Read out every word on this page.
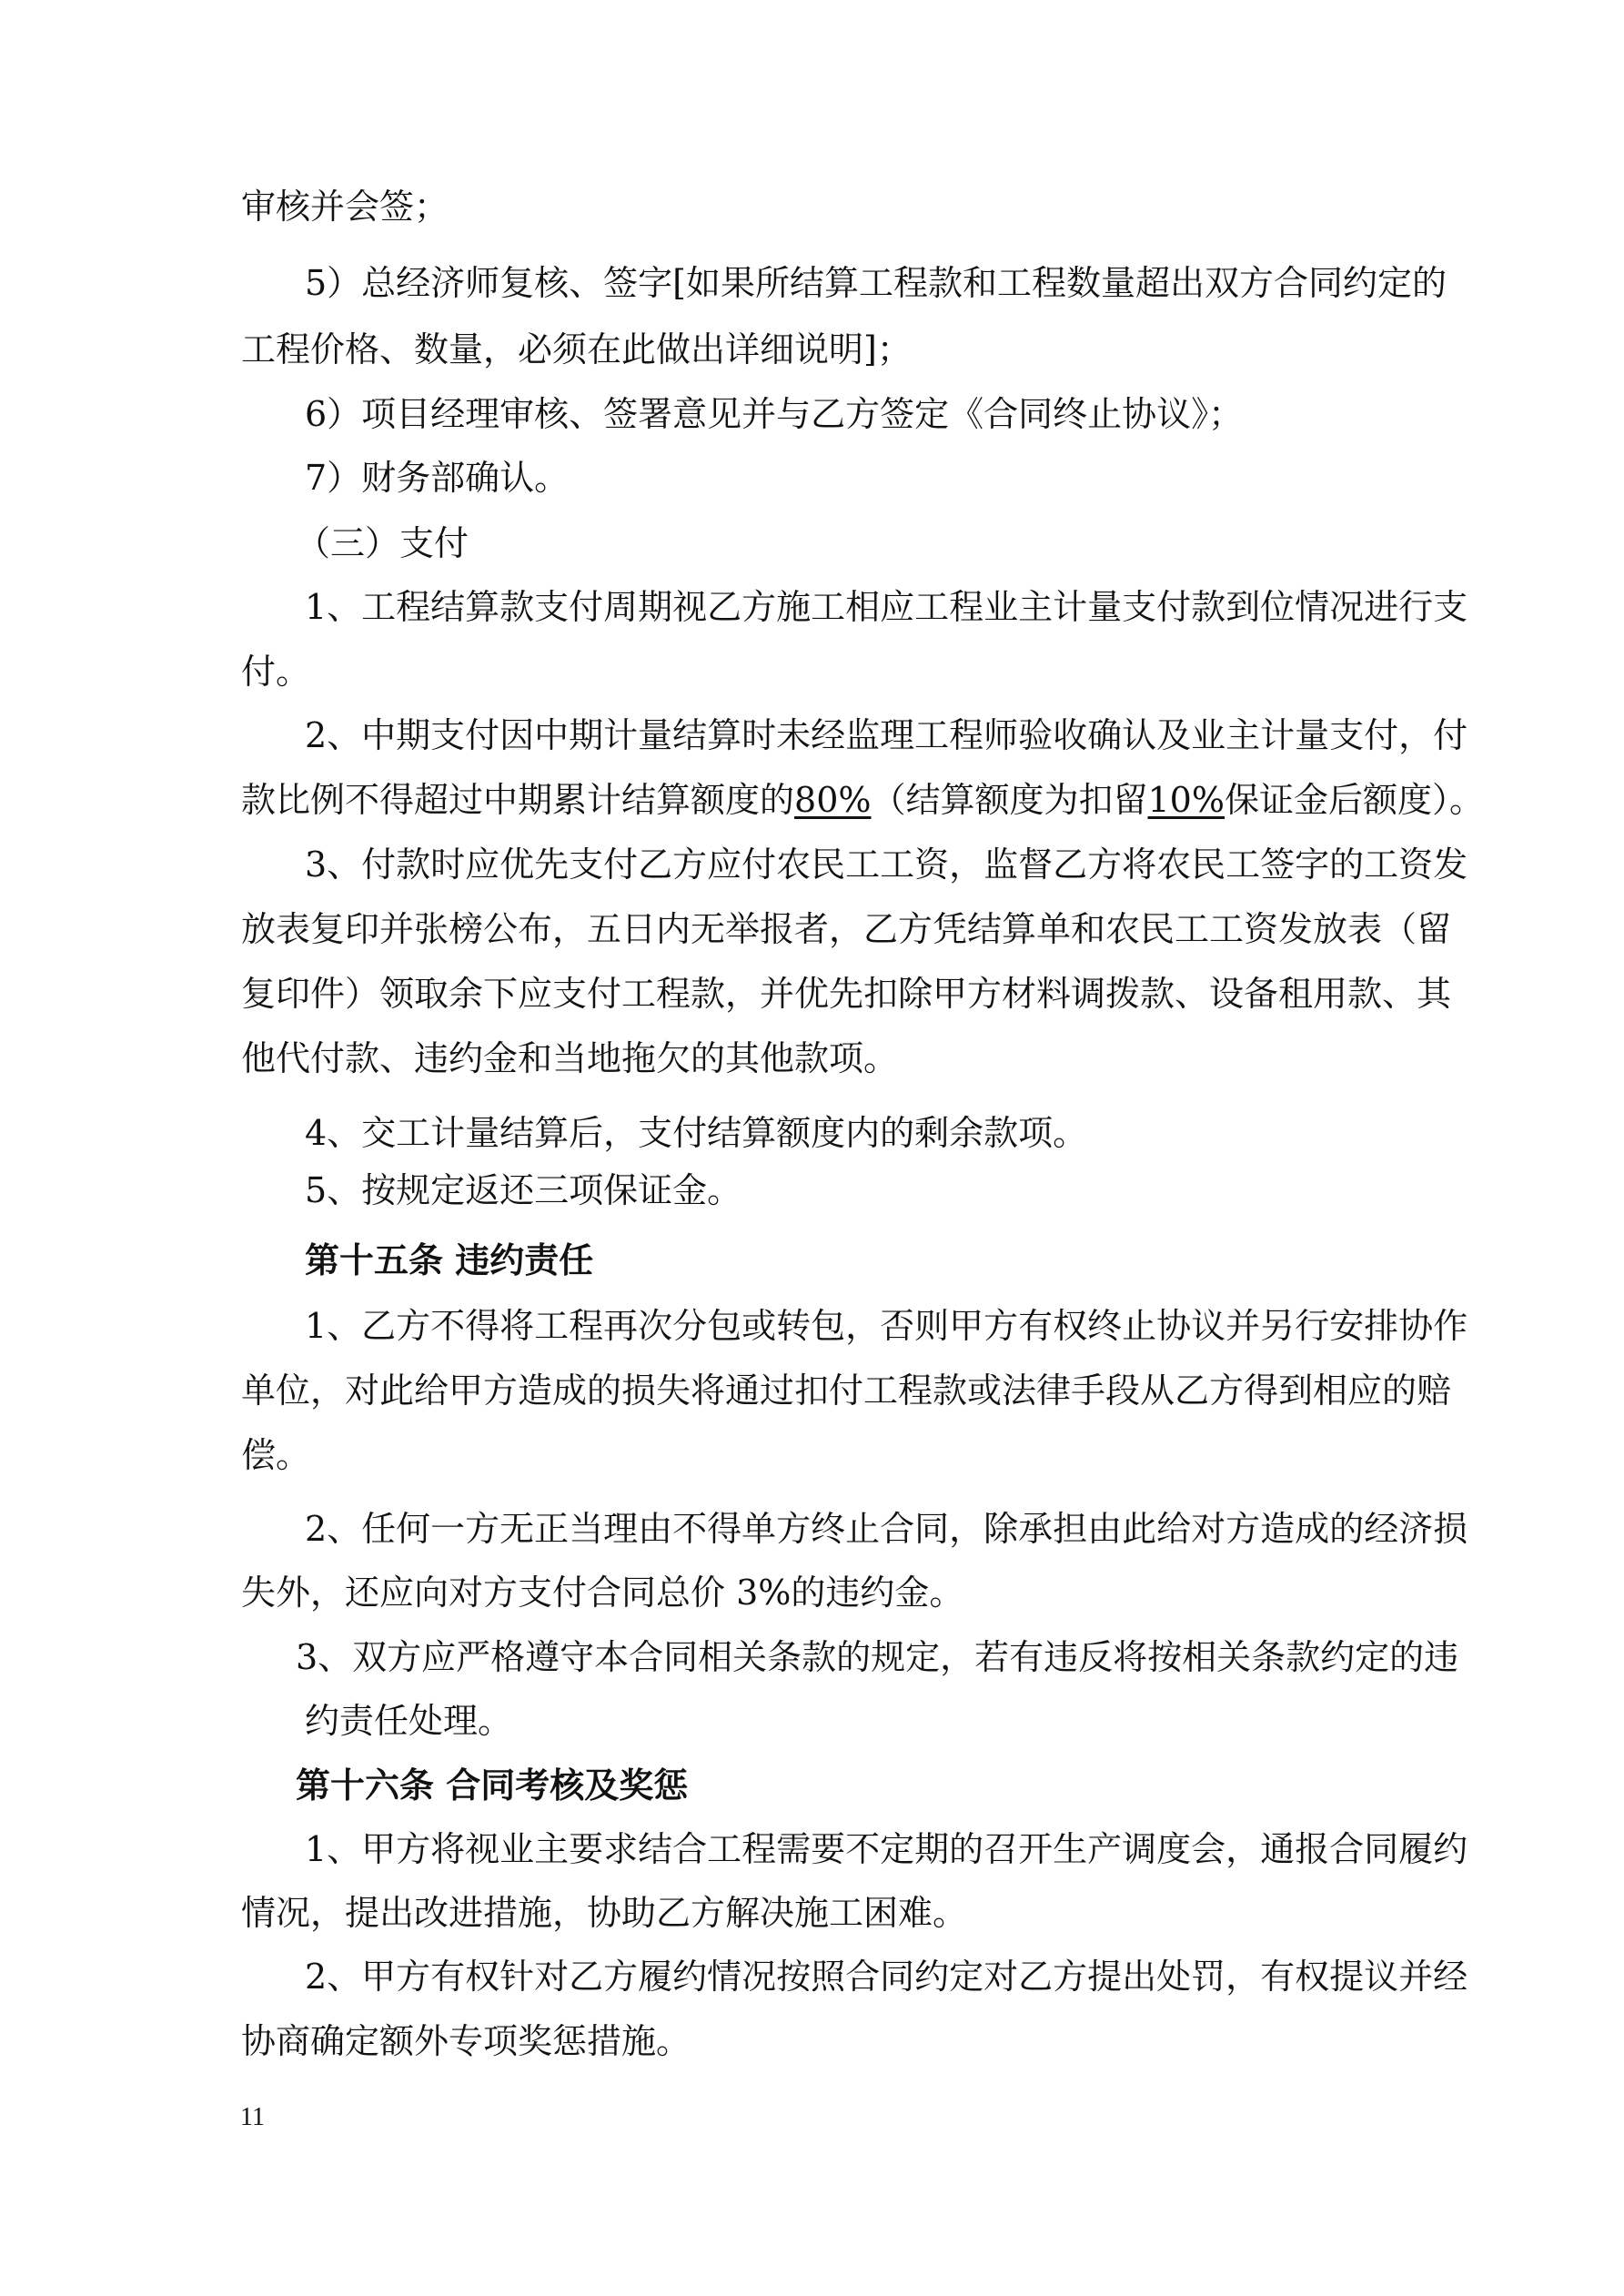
审核并会签；

5）总经济师复核、签字[如果所结算工程款和工程数量超出双方合同约定的

工程价格、数量，必须在此做出详细说明]；

6）项目经理审核、签署意见并与乙方签定《合同终止协议》；

7）财务部确认。

（三）支付

1、工程结算款支付周期视乙方施工相应工程业主计量支付款到位情况进行支

付。

2、中期支付因中期计量结算时未经监理工程师验收确认及业主计量支付，付

款比例不得超过中期累计结算额度的80%（结算额度为扣留10%保证金后额度）。

3、付款时应优先支付乙方应付农民工工资，监督乙方将农民工签字的工资发

放表复印并张榜公布，五日内无举报者，乙方凭结算单和农民工工资发放表（留

复印件）领取余下应支付工程款，并优先扣除甲方材料调拨款、设备租用款、其

他代付款、违约金和当地拖欠的其他款项。

4、交工计量结算后，支付结算额度内的剩余款项。

5、按规定返还三项保证金。

第十五条 违约责任

1、乙方不得将工程再次分包或转包，否则甲方有权终止协议并另行安排协作

单位，对此给甲方造成的损失将通过扣付工程款或法律手段从乙方得到相应的赔

偿。

2、任何一方无正当理由不得单方终止合同，除承担由此给对方造成的经济损

失外，还应向对方支付合同总价 3%的违约金。

3、双方应严格遵守本合同相关条款的规定，若有违反将按相关条款约定的违

约责任处理。

第十六条 合同考核及奖惩

1、甲方将视业主要求结合工程需要不定期的召开生产调度会，通报合同履约

情况，提出改进措施，协助乙方解决施工困难。

2、甲方有权针对乙方履约情况按照合同约定对乙方提出处罚，有权提议并经

协商确定额外专项奖惩措施。

11
